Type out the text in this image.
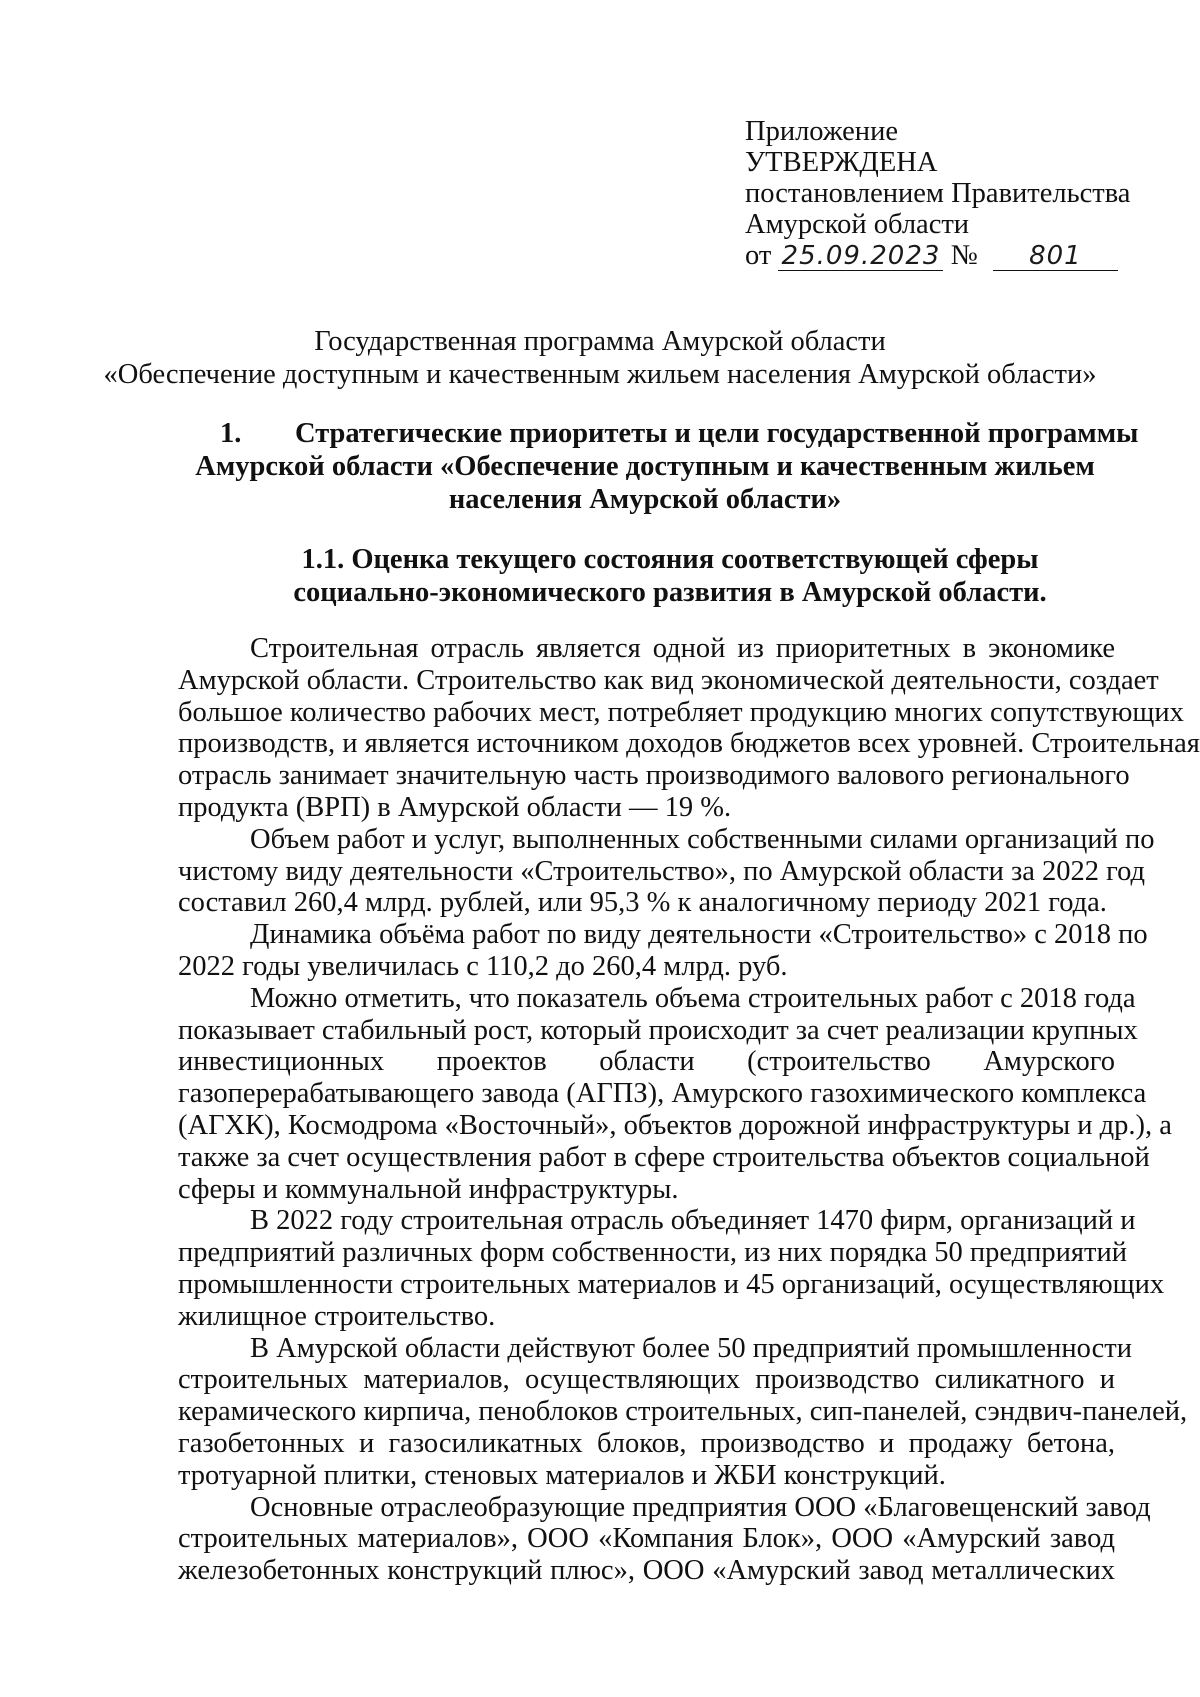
Приложение
УТВЕРЖДЕНА
постановлением Правительства
Амурской области
от 25.09.2023 № 801
Государственная программа Амурской области
«Обеспечение доступным и качественным жильем населения Амурской области»
1. Стратегические приоритеты и цели государственной программы
Амурской области «Обеспечение доступным и качественным жильем
населения Амурской области»
1.1. Оценка текущего состояния соответствующей сферы
социально-экономического развития в Амурской области.
Строительная отрасль является одной из приоритетных в экономике
Амурской области. Строительство как вид экономической деятельности, создает
большое количество рабочих мест, потребляет продукцию многих сопутствующих
производств, и является источником доходов бюджетов всех уровней. Строительная
отрасль занимает значительную часть производимого валового регионального
продукта (ВРП) в Амурской области — 19 %.
Объем работ и услуг, выполненных собственными силами организаций по
чистому виду деятельности «Строительство», по Амурской области за 2022 год
составил 260,4 млрд. рублей, или 95,3 % к аналогичному периоду 2021 года.
Динамика объёма работ по виду деятельности «Строительство» с 2018 по
2022 годы увеличилась с 110,2 до 260,4 млрд. руб.
Можно отметить, что показатель объема строительных работ с 2018 года
показывает стабильный рост, который происходит за счет реализации крупных
инвестиционных проектов области (строительство Амурского
газоперерабатывающего завода (АГПЗ), Амурского газохимического комплекса
(АГХК), Космодрома «Восточный», объектов дорожной инфраструктуры и др.), а
также за счет осуществления работ в сфере строительства объектов социальной
сферы и коммунальной инфраструктуры.
В 2022 году строительная отрасль объединяет 1470 фирм, организаций и
предприятий различных форм собственности, из них порядка 50 предприятий
промышленности строительных материалов и 45 организаций, осуществляющих
жилищное строительство.
В Амурской области действуют более 50 предприятий промышленности
строительных материалов, осуществляющих производство силикатного и
керамического кирпича, пеноблоков строительных, сип-панелей, сэндвич-панелей,
газобетонных и газосиликатных блоков, производство и продажу бетона,
тротуарной плитки, стеновых материалов и ЖБИ конструкций.
Основные отраслеобразующие предприятия ООО «Благовещенский завод
строительных материалов», ООО «Компания Блок», ООО «Амурский завод
железобетонных конструкций плюс», ООО «Амурский завод металлических
